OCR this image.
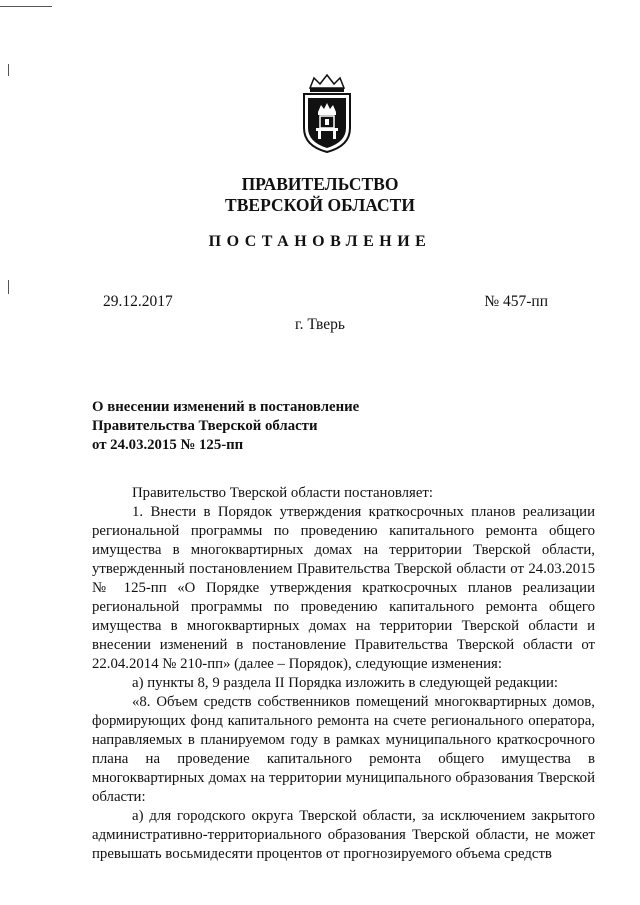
ПРАВИТЕЛЬСТВО
ТВЕРСКОЙ ОБЛАСТИ
ПОСТАНОВЛЕНИЕ
29.12.2017	№ 457-пп
г. Тверь
О внесении изменений в постановление
Правительства Тверской области
от 24.03.2015 № 125-пп

Правительство Тверской области постановляет:

1. Внести в Порядок утверждения краткосрочных планов реализации региональной программы по проведению капитального ремонта общего имущества в многоквартирных домах на территории Тверской области, утвержденный постановлением Правительства Тверской области от 24.03.2015 № 125-пп «О Порядке утверждения краткосрочных планов реализации региональной программы по проведению капитального ремонта общего имущества в многоквартирных домах на территории Тверской области и внесении изменений в постановление Правительства Тверской области от 22.04.2014 № 210-пп» (далее – Порядок), следующие изменения:

а) пункты 8, 9 раздела II Порядка изложить в следующей редакции:

«8. Объем средств собственников помещений многоквартирных домов, формирующих фонд капитального ремонта на счете регионального оператора, направляемых в планируемом году в рамках муниципального краткосрочного плана на проведение капитального ремонта общего имущества в многоквартирных домах на территории муниципального образования Тверской области:

а) для городского округа Тверской области, за исключением закрытого административно-территориального образования Тверской области, не может превышать восьмидесяти процентов от прогнозируемого объема средств
